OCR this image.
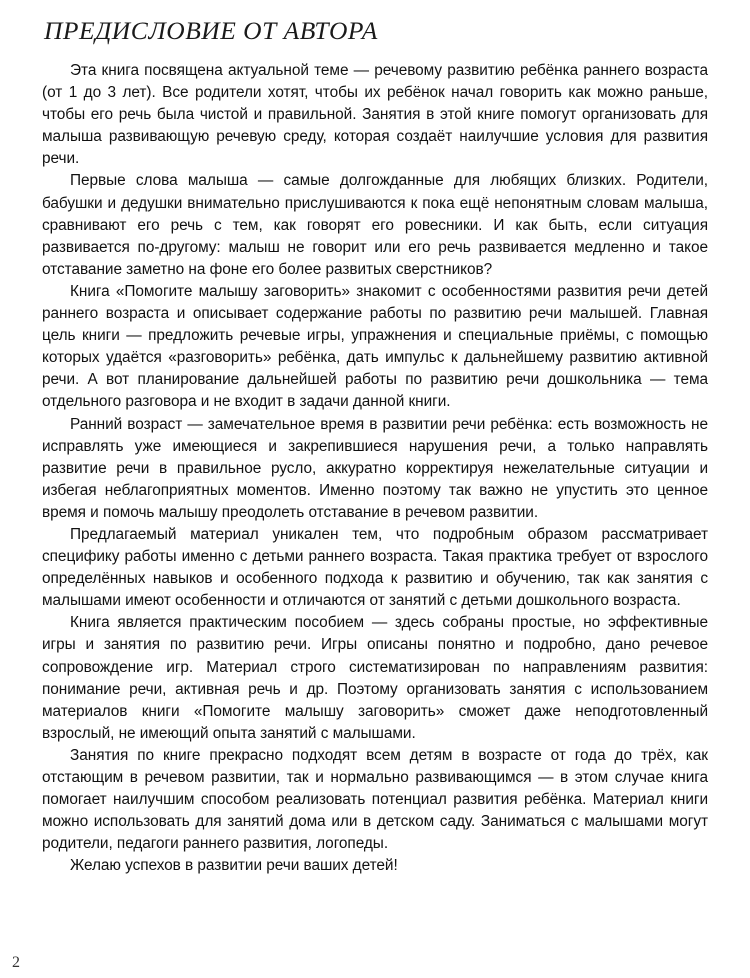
ПРЕДИСЛОВИЕ ОТ АВТОРА

Эта книга посвящена актуальной теме — речевому развитию ребёнка раннего возраста (от 1 до 3 лет). Все родители хотят, чтобы их ребёнок начал говорить как можно раньше, чтобы его речь была чистой и правильной. Занятия в этой книге помогут организовать для малыша развивающую речевую среду, которая создаёт наилучшие условия для развития речи.

Первые слова малыша — самые долгожданные для любящих близких. Родители, бабушки и дедушки внимательно прислушиваются к пока ещё непонятным словам малыша, сравнивают его речь с тем, как говорят его ровесники. И как быть, если ситуация развивается по-другому: малыш не говорит или его речь развивается медленно и такое отставание заметно на фоне его более развитых сверстников?

Книга «Помогите малышу заговорить» знакомит с особенностями развития речи детей раннего возраста и описывает содержание работы по развитию речи малышей. Главная цель книги — предложить речевые игры, упражнения и специальные приёмы, с помощью которых удаётся «разговорить» ребёнка, дать импульс к дальнейшему развитию активной речи. А вот планирование дальнейшей работы по развитию речи дошкольника — тема отдельного разговора и не входит в задачи данной книги.

Ранний возраст — замечательное время в развитии речи ребёнка: есть возможность не исправлять уже имеющиеся и закрепившиеся нарушения речи, а только направлять развитие речи в правильное русло, аккуратно корректируя нежелательные ситуации и избегая неблагоприятных моментов. Именно поэтому так важно не упустить это ценное время и помочь малышу преодолеть отставание в речевом развитии.

Предлагаемый материал уникален тем, что подробным образом рассматривает специфику работы именно с детьми раннего возраста. Такая практика требует от взрослого определённых навыков и особенного подхода к развитию и обучению, так как занятия с малышами имеют особенности и отличаются от занятий с детьми дошкольного возраста.

Книга является практическим пособием — здесь собраны простые, но эффективные игры и занятия по развитию речи. Игры описаны понятно и подробно, дано речевое сопровождение игр. Материал строго систематизирован по направлениям развития: понимание речи, активная речь и др. Поэтому организовать занятия с использованием материалов книги «Помогите малышу заговорить» сможет даже неподготовленный взрослый, не имеющий опыта занятий с малышами.

Занятия по книге прекрасно подходят всем детям в возрасте от года до трёх, как отстающим в речевом развитии, так и нормально развивающимся — в этом случае книга помогает наилучшим способом реализовать потенциал развития ребёнка. Материал книги можно использовать для занятий дома или в детском саду. Заниматься с малышами могут родители, педагоги раннего развития, логопеды.

Желаю успехов в развитии речи ваших детей!

2
